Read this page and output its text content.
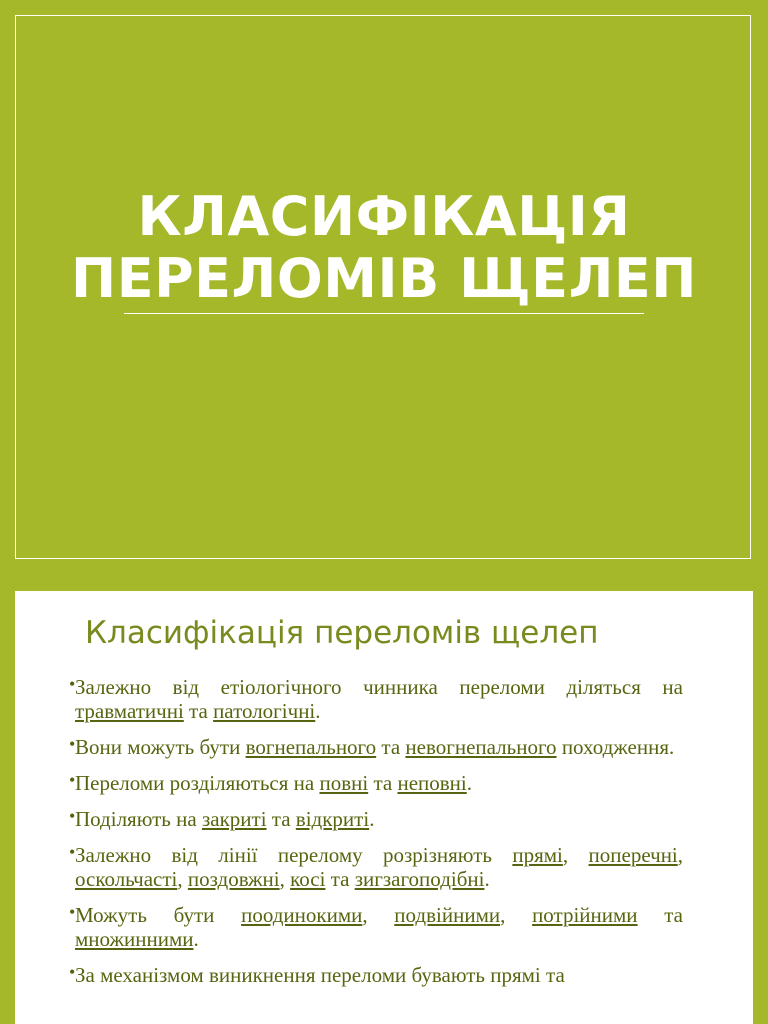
КЛАСИФІКАЦІЯ
ПЕРЕЛОМІВ ЩЕЛЕП
Класифікація переломів щелеп
• Залежно від етіологічного чинника переломи діляться на травматичні та патологічні.
• Вони можуть бути вогнепального та невогнепального походження.
• Переломи розділяються на повні та неповні.
• Поділяють на закриті та відкриті.
• Залежно від лінії перелому розрізняють прямі, поперечні, оскольчасті, поздовжні, косі та зигзагоподібні.
• Можуть бути поодинокими, подвійними, потрійними та множинними.
• За механізмом виникнення переломи бувають прямі та
